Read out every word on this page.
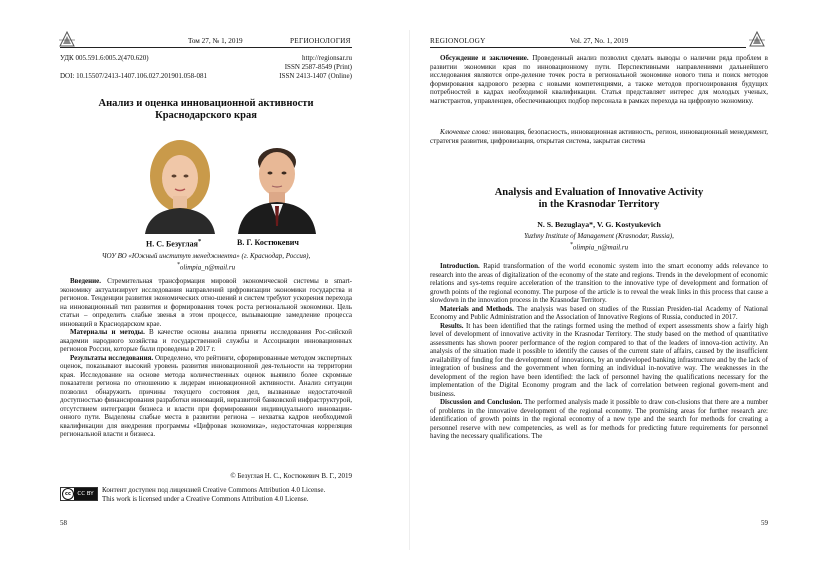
Том 27, № 1, 2019	РЕГИОНОЛОГИЯ
УДК 005.591.6:005.2(470.620)	http://regionsar.ru
ISSN 2587-8549 (Print)
DOI: 10.15507/2413-1407.106.027.201901.058-081	ISSN 2413-1407 (Online)
Анализ и оценка инновационной активности
Краснодарского края
Н. С. Безуглая*	В. Г. Костюкевич
ЧОУ ВО «Южный институт менеджмента» (г. Краснодар, Россия),
*olimpia_n@mail.ru

Введение. Стремительная трансформация мировой экономической системы в smart-экономику актуализирует исследования направлений цифровизации экономики государства и регионов. Тенденции развития экономических отно-шений и систем требуют ускорения перехода на инновационный тип развития и формирования точек роста региональной экономики. Цель статьи – определить слабые звенья в этом процессе, вызывающие замедление процесса инноваций в Краснодарском крае.

Материалы и методы. В качестве основы анализа приняты исследования Рос-сийской академии народного хозяйства и государственной службы и Ассоциации инновационных регионов России, которые были проведены в 2017 г.

Результаты исследования. Определено, что рейтинги, сформированные методом экспертных оценок, показывают высокий уровень развития инновационной дея-тельности на территории края. Исследование на основе метода количественных оценок выявило более скромные показатели региона по отношению к лидерам инновационной активности. Анализ ситуации позволил обнаружить причины текущего состояния дел, вызванные недостаточной доступностью финансирования разработки инноваций, неразвитой банковской инфраструктурой, отсутствием интеграции бизнеса и власти при формировании индивидуального инновации-онного пути. Выделены слабые места в развитии региона – нехватка кадров необходимой квалификации для внедрения программы «Цифровая экономика», недостаточная корреляция региональной власти и бизнеса.

© Безуглая Н. С., Костюкевич В. Г., 2019
cc	CC BY	Контент доступен под лицензией Creative Commons Attribution 4.0 License.
This work is licensed under a Creative Commons Attribution 4.0 License.
58
REGIONOLOGY	Vol. 27, No. 1, 2019

Обсуждение и заключение. Проведенный анализ позволил сделать выводы о наличии ряда проблем в развитии экономики края по инновационному пути. Перспективными направлениями дальнейшего исследования являются опре-деление точек роста в региональной экономике нового типа и поиск методов формирования кадрового резерва с новыми компетенциями, а также методов прогнозирования будущих потребностей в кадрах необходимой квалификации. Статья представляет интерес для молодых ученых, магистрантов, управленцев, обеспечивающих подбор персонала в рамках перехода на цифровую экономику.

Ключевые слова: инновация, безопасность, инновационная активность, регион, инновационный менеджмент, стратегия развития, цифровизация, открытая система, закрытая система

Analysis and Evaluation of Innovative Activity
in the Krasnodar Territory
N. S. Bezuglaya*, V. G. Kostyukevich
Yuzhny Institute of Management (Krasnodar, Russia),
*olimpia_n@mail.ru

Introduction. Rapid transformation of the world economic system into the smart economy adds relevance to research into the areas of digitalization of the economy of the state and regions. Trends in the development of economic relations and sys-tems require acceleration of the transition to the innovative type of development and formation of growth points of the regional economy. The purpose of the article is to reveal the weak links in this process that cause a slowdown in the innovation process in the Krasnodar Territory.

Materials and Methods. The analysis was based on studies of the Russian Presiden-tial Academy of National Economy and Public Administration and the Association of Innovative Regions of Russia, conducted in 2017.

Results. It has been identified that the ratings formed using the method of expert assessments show a fairly high level of development of innovative activity in the Krasnodar Territory. The study based on the method of quantitative assessments has shown poorer performance of the region compared to that of the leaders of innova-tion activity. An analysis of the situation made it possible to identify the causes of the current state of affairs, caused by the insufficient availability of funding for the development of innovations, by an undeveloped banking infrastructure and by the lack of integration of business and the government when forming an individual in-novative way. The weaknesses in the development of the region have been identified: the lack of personnel having the qualifications necessary for the implementation of the Digital Economy program and the lack of correlation between regional govern-ment and business.

Discussion and Conclusion. The performed analysis made it possible to draw con-clusions that there are a number of problems in the innovative development of the regional economy. The promising areas for further research are: identification of growth points in the regional economy of a new type and the search for methods for creating a personnel reserve with new competencies, as well as for methods for predicting future requirements for personnel having the necessary qualifications. The

59
